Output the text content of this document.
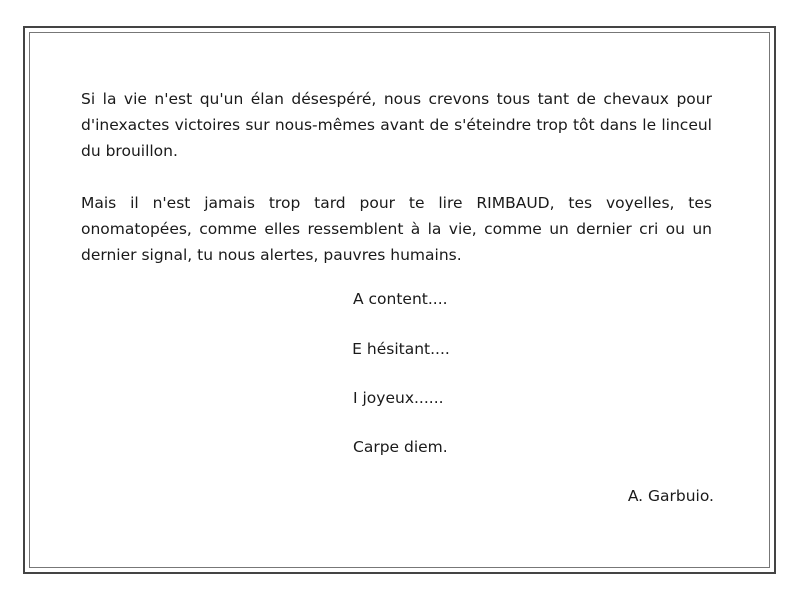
Si la vie n'est qu'un élan désespéré, nous crevons tous tant de chevaux pour d'inexactes victoires sur nous-mêmes avant de s'éteindre trop tôt dans le linceul du brouillon.

Mais il n'est jamais trop tard pour te lire RIMBAUD, tes voyelles, tes onomatopées, comme elles ressemblent à la vie, comme un dernier cri ou un dernier signal, tu nous alertes, pauvres humains.

A content....
E hésitant....
I joyeux......
Carpe diem.
A. Garbuio.
